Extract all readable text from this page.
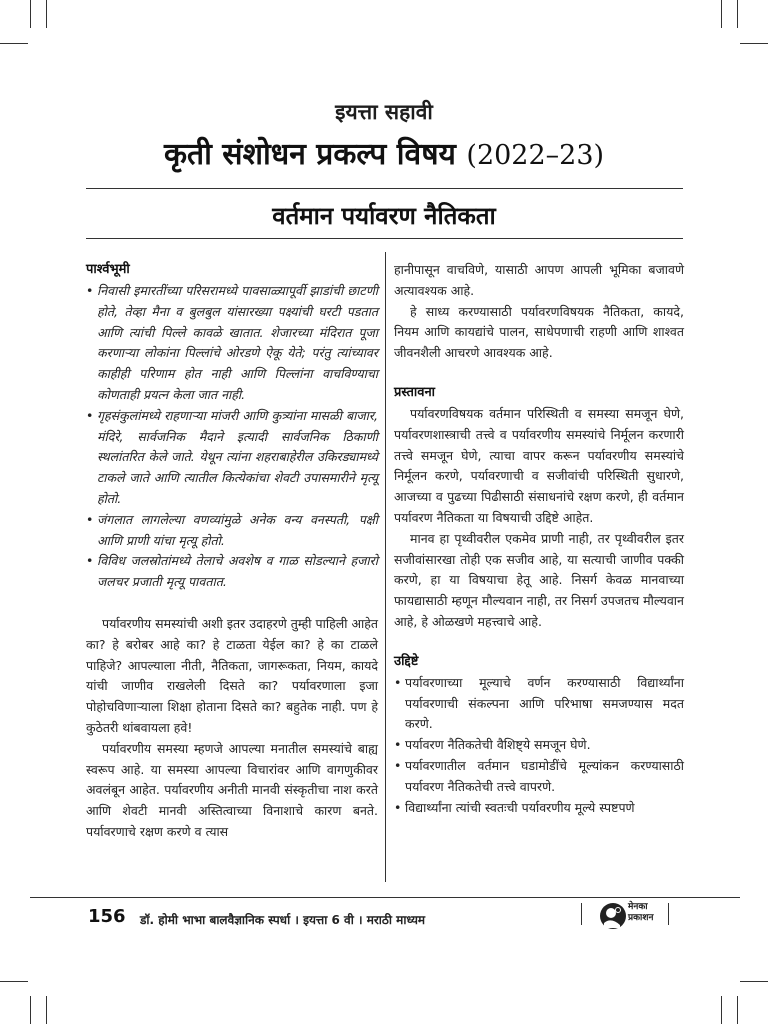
इयत्ता सहावी
कृती संशोधन प्रकल्प विषय (2022–23)
वर्तमान पर्यावरण नैतिकता
पार्श्वभूमी

• निवासी इमारतींच्या परिसरामध्ये पावसाळ्यापूर्वी झाडांची छाटणी होते, तेव्हा मैना व बुलबुल यांसारख्या पक्ष्यांची घरटी पडतात आणि त्यांची पिल्ले कावळे खातात. शेजारच्या मंदिरात पूजा करणाऱ्या लोकांना पिल्लांचे ओरडणे ऐकू येते; परंतु त्यांच्यावर काहीही परिणाम होत नाही आणि पिल्लांना वाचविण्याचा कोणताही प्रयत्न केला जात नाही.

• गृहसंकुलांमध्ये राहणाऱ्या मांजरी आणि कुत्र्यांना मासळी बाजार, मंदिरे, सार्वजनिक मैदाने इत्यादी सार्वजनिक ठिकाणी स्थलांतरित केले जाते. येथून त्यांना शहराबाहेरील उकिरड्यामध्ये टाकले जाते आणि त्यातील कित्येकांचा शेवटी उपासमारीने मृत्यू होतो.

• जंगलात लागलेल्या वणव्यांमुळे अनेक वन्य वनस्पती, पक्षी आणि प्राणी यांचा मृत्यू होतो.

• विविध जलस्रोतांमध्ये तेलाचे अवशेष व गाळ सोडल्याने हजारो जलचर प्रजाती मृत्यू पावतात.

पर्यावरणीय समस्यांची अशी इतर उदाहरणे तुम्ही पाहिली आहेत का? हे बरोबर आहे का? हे टाळता येईल का? हे का टाळले पाहिजे? आपल्याला नीती, नैतिकता, जागरूकता, नियम, कायदे यांची जाणीव राखलेली दिसते का? पर्यावरणाला इजा पोहोचविणाऱ्याला शिक्षा होताना दिसते का? बहुतेक नाही. पण हे कुठेतरी थांबवायला हवे!

पर्यावरणीय समस्या म्हणजे आपल्या मनातील समस्यांचे बाह्य स्वरूप आहे. या समस्या आपल्या विचारांवर आणि वागणुकीवर अवलंबून आहेत. पर्यावरणीय अनीती मानवी संस्कृतीचा नाश करते आणि शेवटी मानवी अस्तित्वाच्या विनाशाचे कारण बनते. पर्यावरणाचे रक्षण करणे व त्यास

हानीपासून वाचविणे, यासाठी आपण आपली भूमिका बजावणे अत्यावश्यक आहे.

हे साध्य करण्यासाठी पर्यावरणविषयक नैतिकता, कायदे, नियम आणि कायद्यांचे पालन, साधेपणाची राहणी आणि शाश्वत जीवनशैली आचरणे आवश्यक आहे.

प्रस्तावना

पर्यावरणविषयक वर्तमान परिस्थिती व समस्या समजून घेणे, पर्यावरणशास्त्राची तत्त्वे व पर्यावरणीय समस्यांचे निर्मूलन करणारी तत्त्वे समजून घेणे, त्याचा वापर करून पर्यावरणीय समस्यांचे निर्मूलन करणे, पर्यावरणाची व सजीवांची परिस्थिती सुधारणे, आजच्या व पुढच्या पिढीसाठी संसाधनांचे रक्षण करणे, ही वर्तमान पर्यावरण नैतिकता या विषयाची उद्दिष्टे आहेत.

मानव हा पृथ्वीवरील एकमेव प्राणी नाही, तर पृथ्वीवरील इतर सजीवांसारखा तोही एक सजीव आहे, या सत्याची जाणीव पक्की करणे, हा या विषयाचा हेतू आहे. निसर्ग केवळ मानवाच्या फायद्यासाठी म्हणून मौल्यवान नाही, तर निसर्ग उपजतच मौल्यवान आहे, हे ओळखणे महत्त्वाचे आहे.

उद्दिष्टे

• पर्यावरणाच्या मूल्याचे वर्णन करण्यासाठी विद्यार्थ्यांना पर्यावरणाची संकल्पना आणि परिभाषा समजण्यास मदत करणे.

• पर्यावरण नैतिकतेची वैशिष्ट्ये समजून घेणे.

• पर्यावरणातील वर्तमान घडामोडींचे मूल्यांकन करण्यासाठी पर्यावरण नैतिकतेची तत्त्वे वापरणे.

• विद्यार्थ्यांना त्यांची स्वतःची पर्यावरणीय मूल्ये स्पष्टपणे

156 डॉ. होमी भाभा बालवैज्ञानिक स्पर्धा । इयत्ता 6 वी । मराठी माध्यम
मेनका
प्रकाशन
